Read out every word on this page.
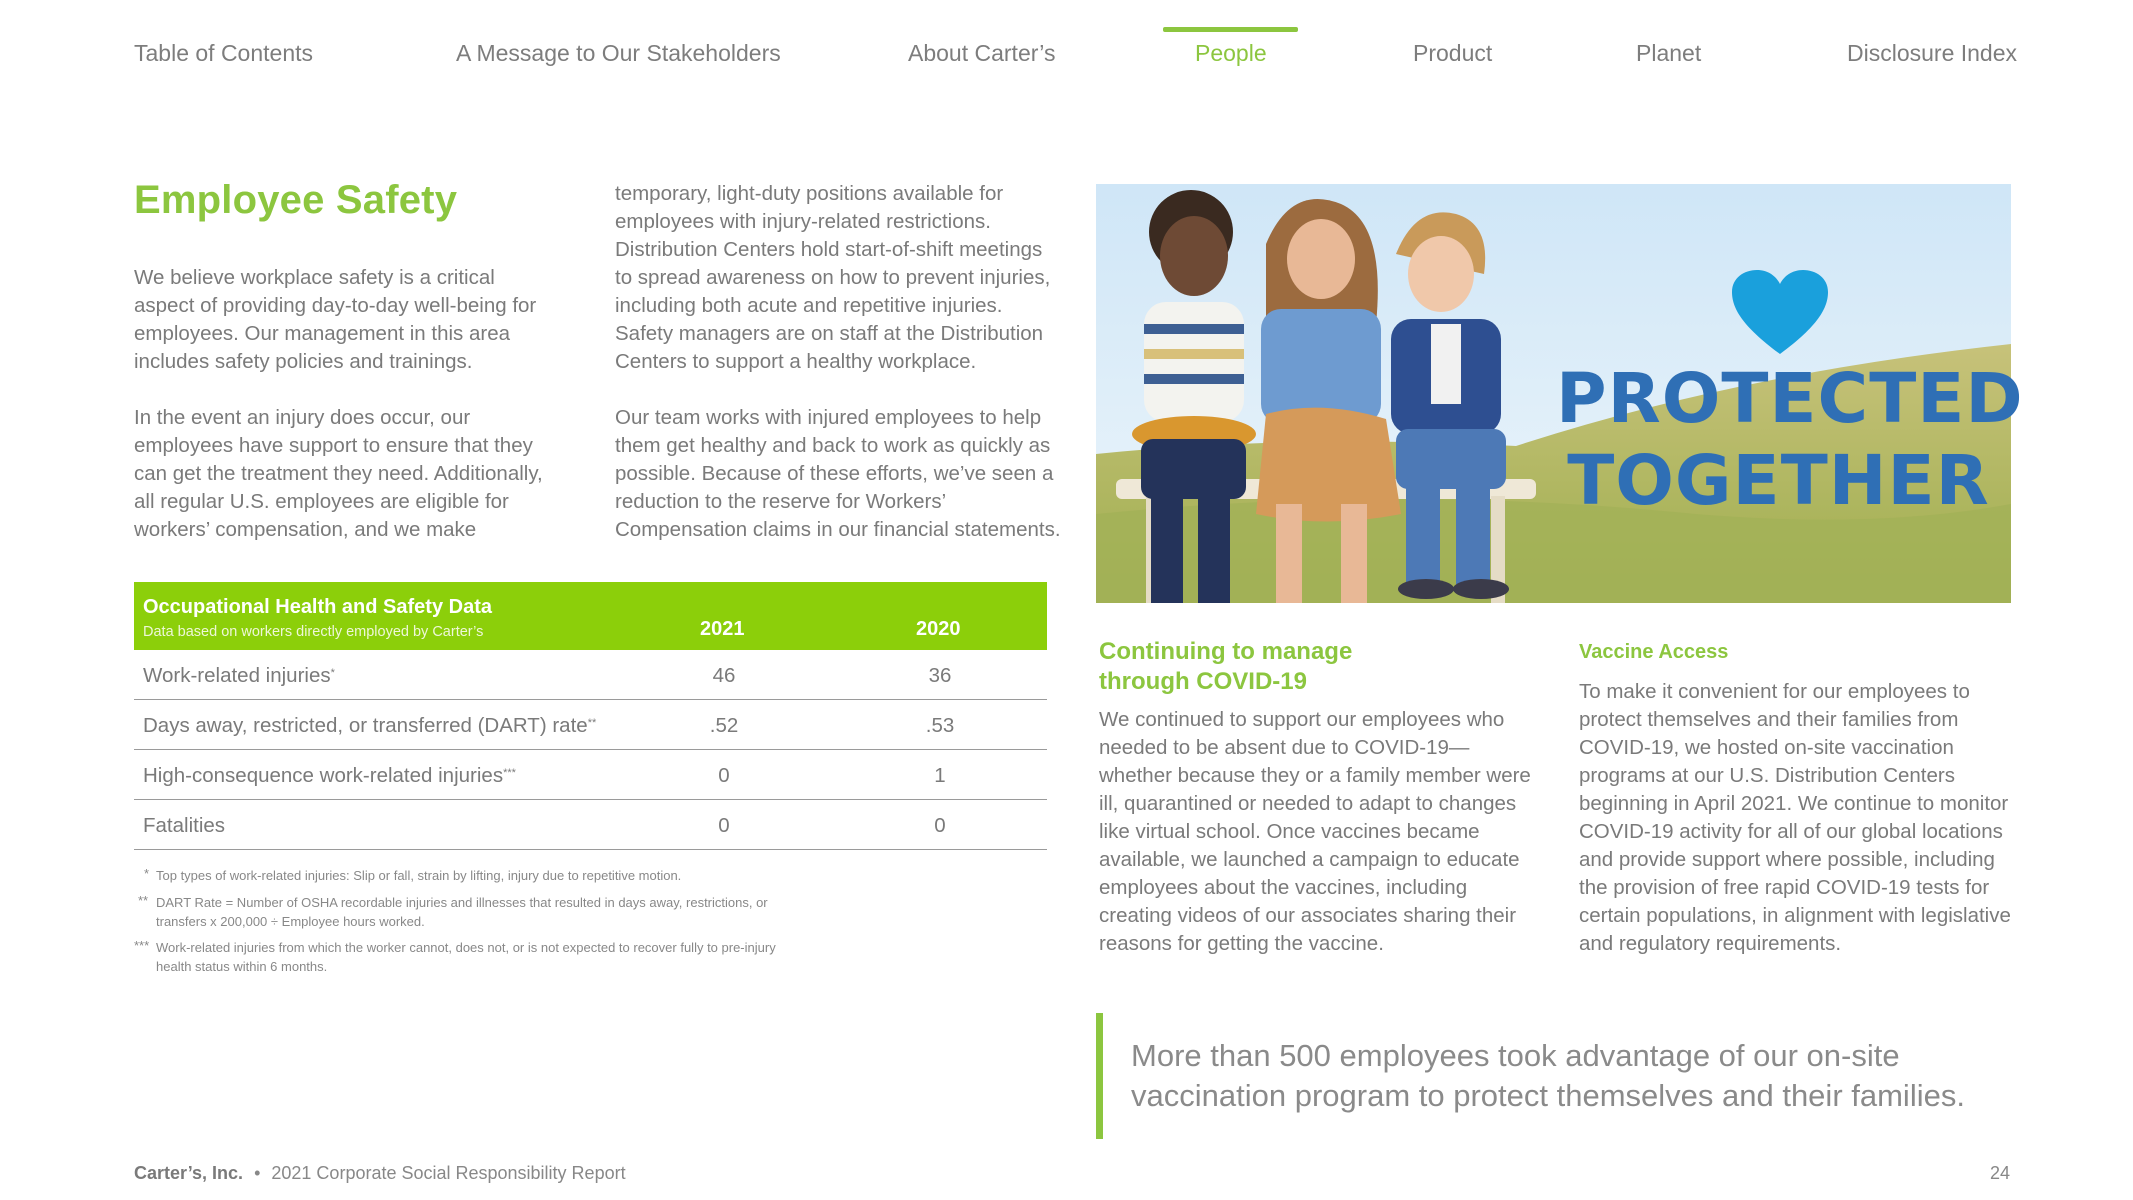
Table of Contents	A Message to Our Stakeholders	About Carter’s	People	Product	Planet	Disclosure Index
Employee Safety

We believe workplace safety is a critical aspect of providing day-to-day well-being for employees. Our management in this area includes safety policies and trainings.

In the event an injury does occur, our employees have support to ensure that they can get the treatment they need. Additionally, all regular U.S. employees are eligible for workers’ compensation, and we make

temporary, light-duty positions available for employees with injury-related restrictions. Distribution Centers hold start-of-shift meetings to spread awareness on how to prevent injuries, including both acute and repetitive injuries. Safety managers are on staff at the Distribution Centers to support a healthy workplace.

Our team works with injured employees to help them get healthy and back to work as quickly as possible. Because of these efforts, we’ve seen a reduction to the reserve for Workers’ Compensation claims in our financial statements.

Occupational Health and Safety Data
Data based on workers directly employed by Carter’s	2021	2020
Work-related injuries*	46	36
Days away, restricted, or transferred (DART) rate**	.52	.53
High-consequence work-related injuries***	0	1
Fatalities	0	0
* Top types of work-related injuries: Slip or fall, strain by lifting, injury due to repetitive motion.
** DART Rate = Number of OSHA recordable injuries and illnesses that resulted in days away, restrictions, or transfers x 200,000 ÷ Employee hours worked.
*** Work-related injuries from which the worker cannot, does not, or is not expected to recover fully to pre-injury health status within 6 months.
PROTECTED TOGETHER
Continuing to manage through COVID-19

We continued to support our employees who needed to be absent due to COVID-19—whether because they or a family member were ill, quarantined or needed to adapt to changes like virtual school. Once vaccines became available, we launched a campaign to educate employees about the vaccines, including creating videos of our associates sharing their reasons for getting the vaccine.

Vaccine Access

To make it convenient for our employees to protect themselves and their families from COVID-19, we hosted on-site vaccination programs at our U.S. Distribution Centers beginning in April 2021. We continue to monitor COVID-19 activity for all of our global locations and provide support where possible, including the provision of free rapid COVID-19 tests for certain populations, in alignment with legislative and regulatory requirements.

More than 500 employees took advantage of our on-site vaccination program to protect themselves and their families.

Carter’s, Inc. • 2021 Corporate Social Responsibility Report	24
